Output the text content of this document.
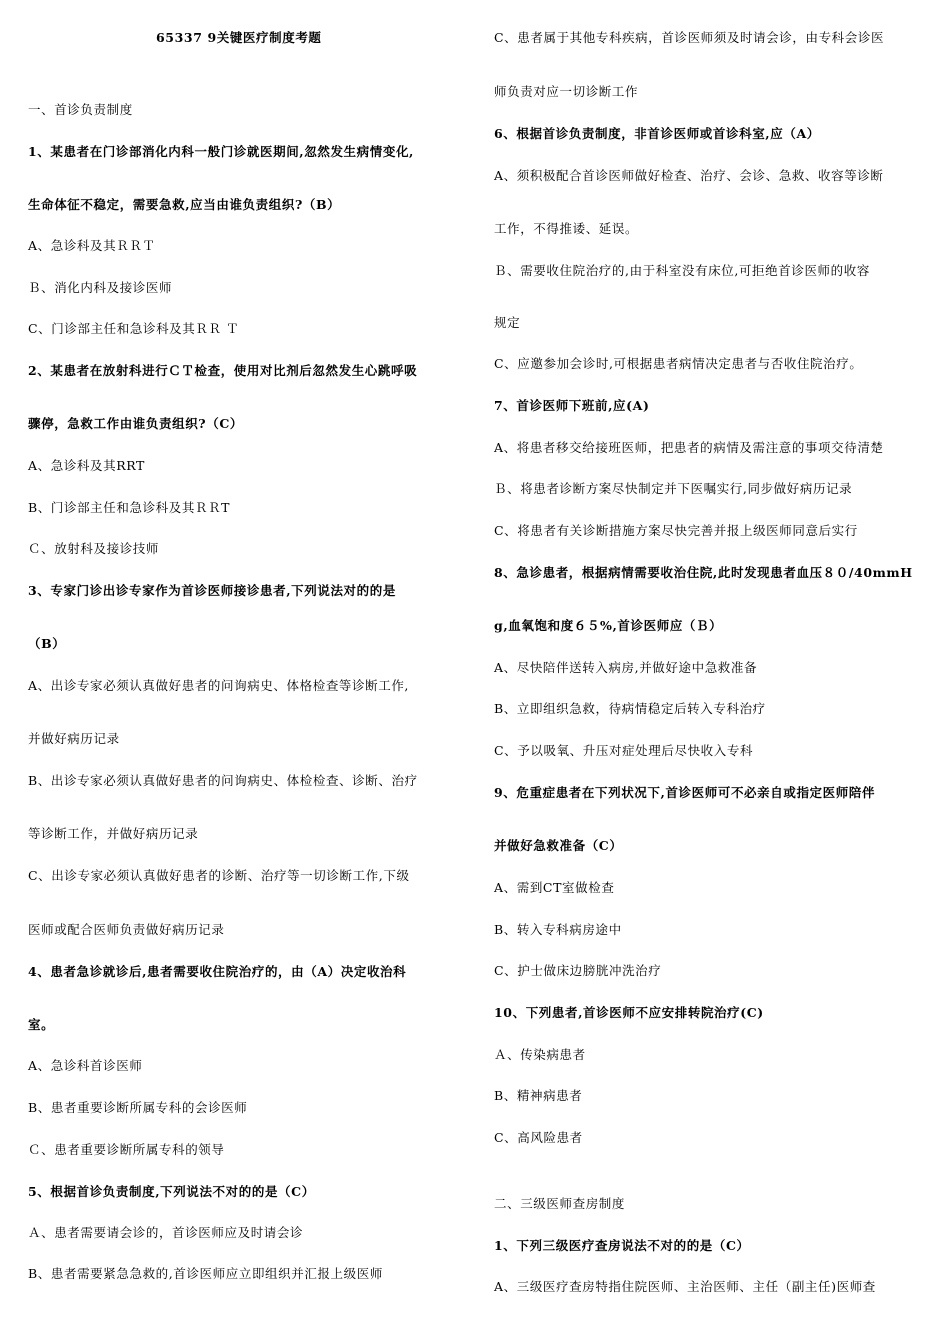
65337 9关键医疗制度考题
一、首诊负责制度
1、某患者在门诊部消化内科一般门诊就医期间,忽然发生病情变化,
生命体征不稳定，需要急救,应当由谁负责组织?（B）
A、急诊科及其ＲＲＴ
Ｂ、消化内科及接诊医师
C、门诊部主任和急诊科及其ＲＲ Ｔ
2、某患者在放射科进行ＣＴ检查，使用对比剂后忽然发生心跳呼吸
骤停，急救工作由谁负责组织?（C）
A、急诊科及其RRT
B、门诊部主任和急诊科及其ＲＲT
Ｃ、放射科及接诊技师
3、专家门诊出诊专家作为首诊医师接诊患者,下列说法对的的是
（B）
A、出诊专家必须认真做好患者的问询病史、体格检查等诊断工作,
并做好病历记录
B、出诊专家必须认真做好患者的问询病史、体检检查、诊断、治疗
等诊断工作，并做好病历记录
C、出诊专家必须认真做好患者的诊断、治疗等一切诊断工作,下级
医师或配合医师负责做好病历记录
4、患者急诊就诊后,患者需要收住院治疗的，由（A）决定收治科
室。
A、急诊科首诊医师
B、患者重要诊断所属专科的会诊医师
Ｃ、患者重要诊断所属专科的领导
5、根据首诊负责制度,下列说法不对的的是（C）
Ａ、患者需要请会诊的，首诊医师应及时请会诊
B、患者需要紧急急救的,首诊医师应立即组织并汇报上级医师
C、患者属于其他专科疾病，首诊医师须及时请会诊，由专科会诊医
师负责对应一切诊断工作
6、根据首诊负责制度，非首诊医师或首诊科室,应（A）
A、须积极配合首诊医师做好检查、治疗、会诊、急救、收容等诊断
工作，不得推诿、延误。
Ｂ、需要收住院治疗的,由于科室没有床位,可拒绝首诊医师的收容
规定
C、应邀参加会诊时,可根据患者病情决定患者与否收住院治疗。
7、首诊医师下班前,应(A)
A、将患者移交给接班医师，把患者的病情及需注意的事项交待清楚
Ｂ、将患者诊断方案尽快制定并下医嘱实行,同步做好病历记录
C、将患者有关诊断措施方案尽快完善并报上级医师同意后实行
8、急诊患者，根据病情需要收治住院,此时发现患者血压８０/40mmH
g,血氧饱和度６５%,首诊医师应（Ｂ）
A、尽快陪伴送转入病房,并做好途中急救准备
B、立即组织急救，待病情稳定后转入专科治疗
C、予以吸氧、升压对症处理后尽快收入专科
9、危重症患者在下列状况下,首诊医师可不必亲自或指定医师陪伴
并做好急救准备（C）
A、需到CT室做检查
B、转入专科病房途中
C、护士做床边膀胱冲洗治疗
10、下列患者,首诊医师不应安排转院治疗(C)
Ａ、传染病患者
B、精神病患者
C、高风险患者
二、三级医师查房制度
1、下列三级医疗查房说法不对的的是（C）
A、三级医疗查房特指住院医师、主治医师、主任（副主任)医师查
